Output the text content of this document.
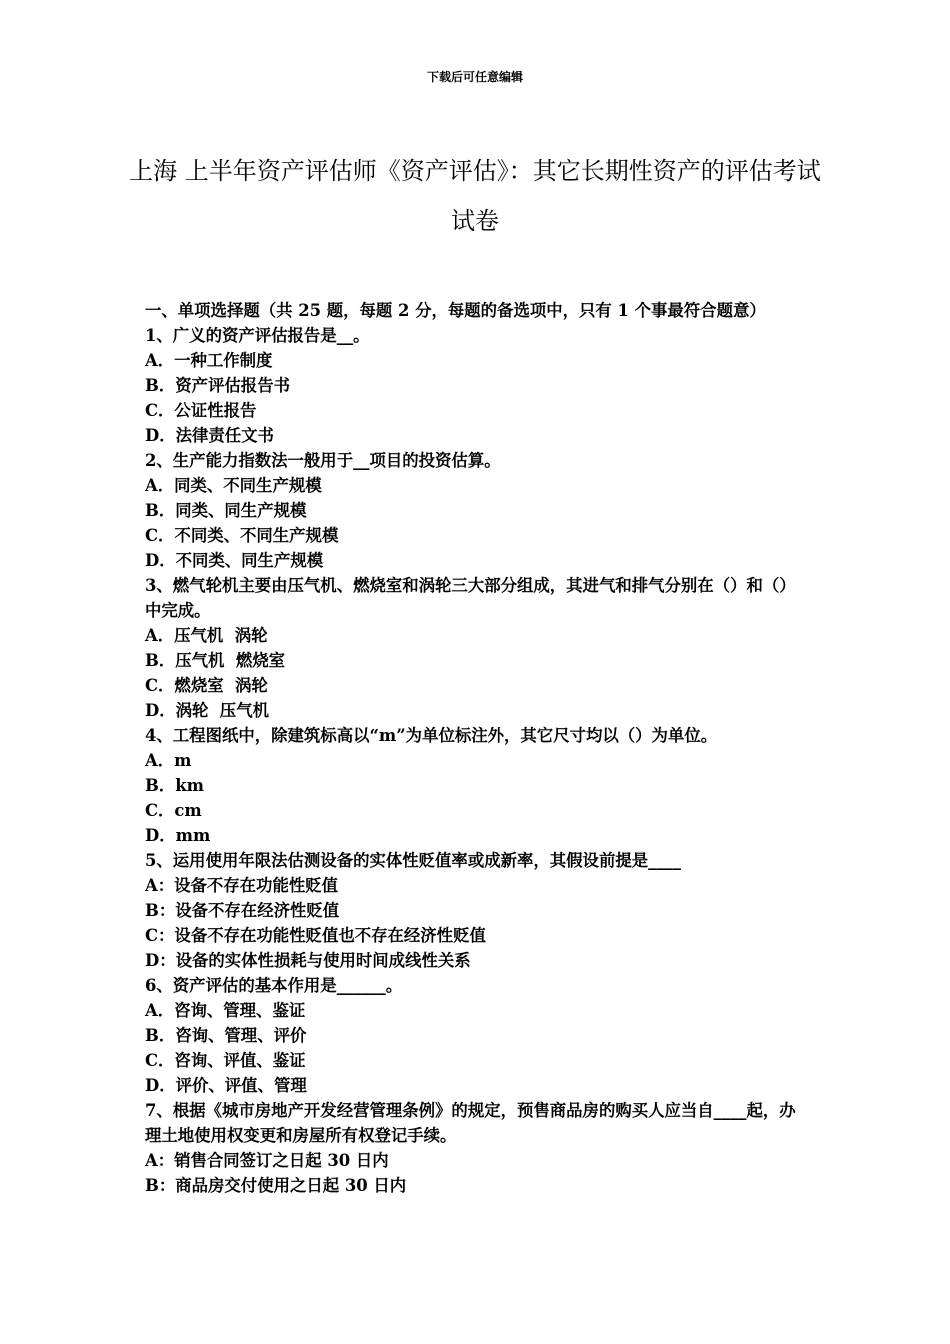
下载后可任意编辑
上海 上半年资产评估师《资产评估》：其它长期性资产的评估考试试卷

一、单项选择题（共 25 题，每题 2 分，每题的备选项中，只有 1 个事最符合题意）

1、广义的资产评估报告是__。

A．一种工作制度

B．资产评估报告书

C．公证性报告

D．法律责任文书

2、生产能力指数法一般用于__项目的投资估算。

A．同类、不同生产规模

B．同类、同生产规模

C．不同类、不同生产规模

D．不同类、同生产规模

3、燃气轮机主要由压气机、燃烧室和涡轮三大部分组成，其进气和排气分别在（）和（）中完成。

A．压气机  涡轮

B．压气机  燃烧室

C．燃烧室  涡轮

D．涡轮  压气机

4、工程图纸中，除建筑标高以“m”为单位标注外，其它尺寸均以（）为单位。

A．m

B．km

C．cm

D．mm

5、运用使用年限法估测设备的实体性贬值率或成新率，其假设前提是____

A：设备不存在功能性贬值

B：设备不存在经济性贬值

C：设备不存在功能性贬值也不存在经济性贬值

D：设备的实体性损耗与使用时间成线性关系

6、资产评估的基本作用是______。

A．咨询、管理、鉴证

B．咨询、管理、评价

C．咨询、评值、鉴证

D．评价、评值、管理

7、根据《城市房地产开发经营管理条例》的规定，预售商品房的购买人应当自____起，办理土地使用权变更和房屋所有权登记手续。

A：销售合同签订之日起 30 日内

B：商品房交付使用之日起 30 日内
